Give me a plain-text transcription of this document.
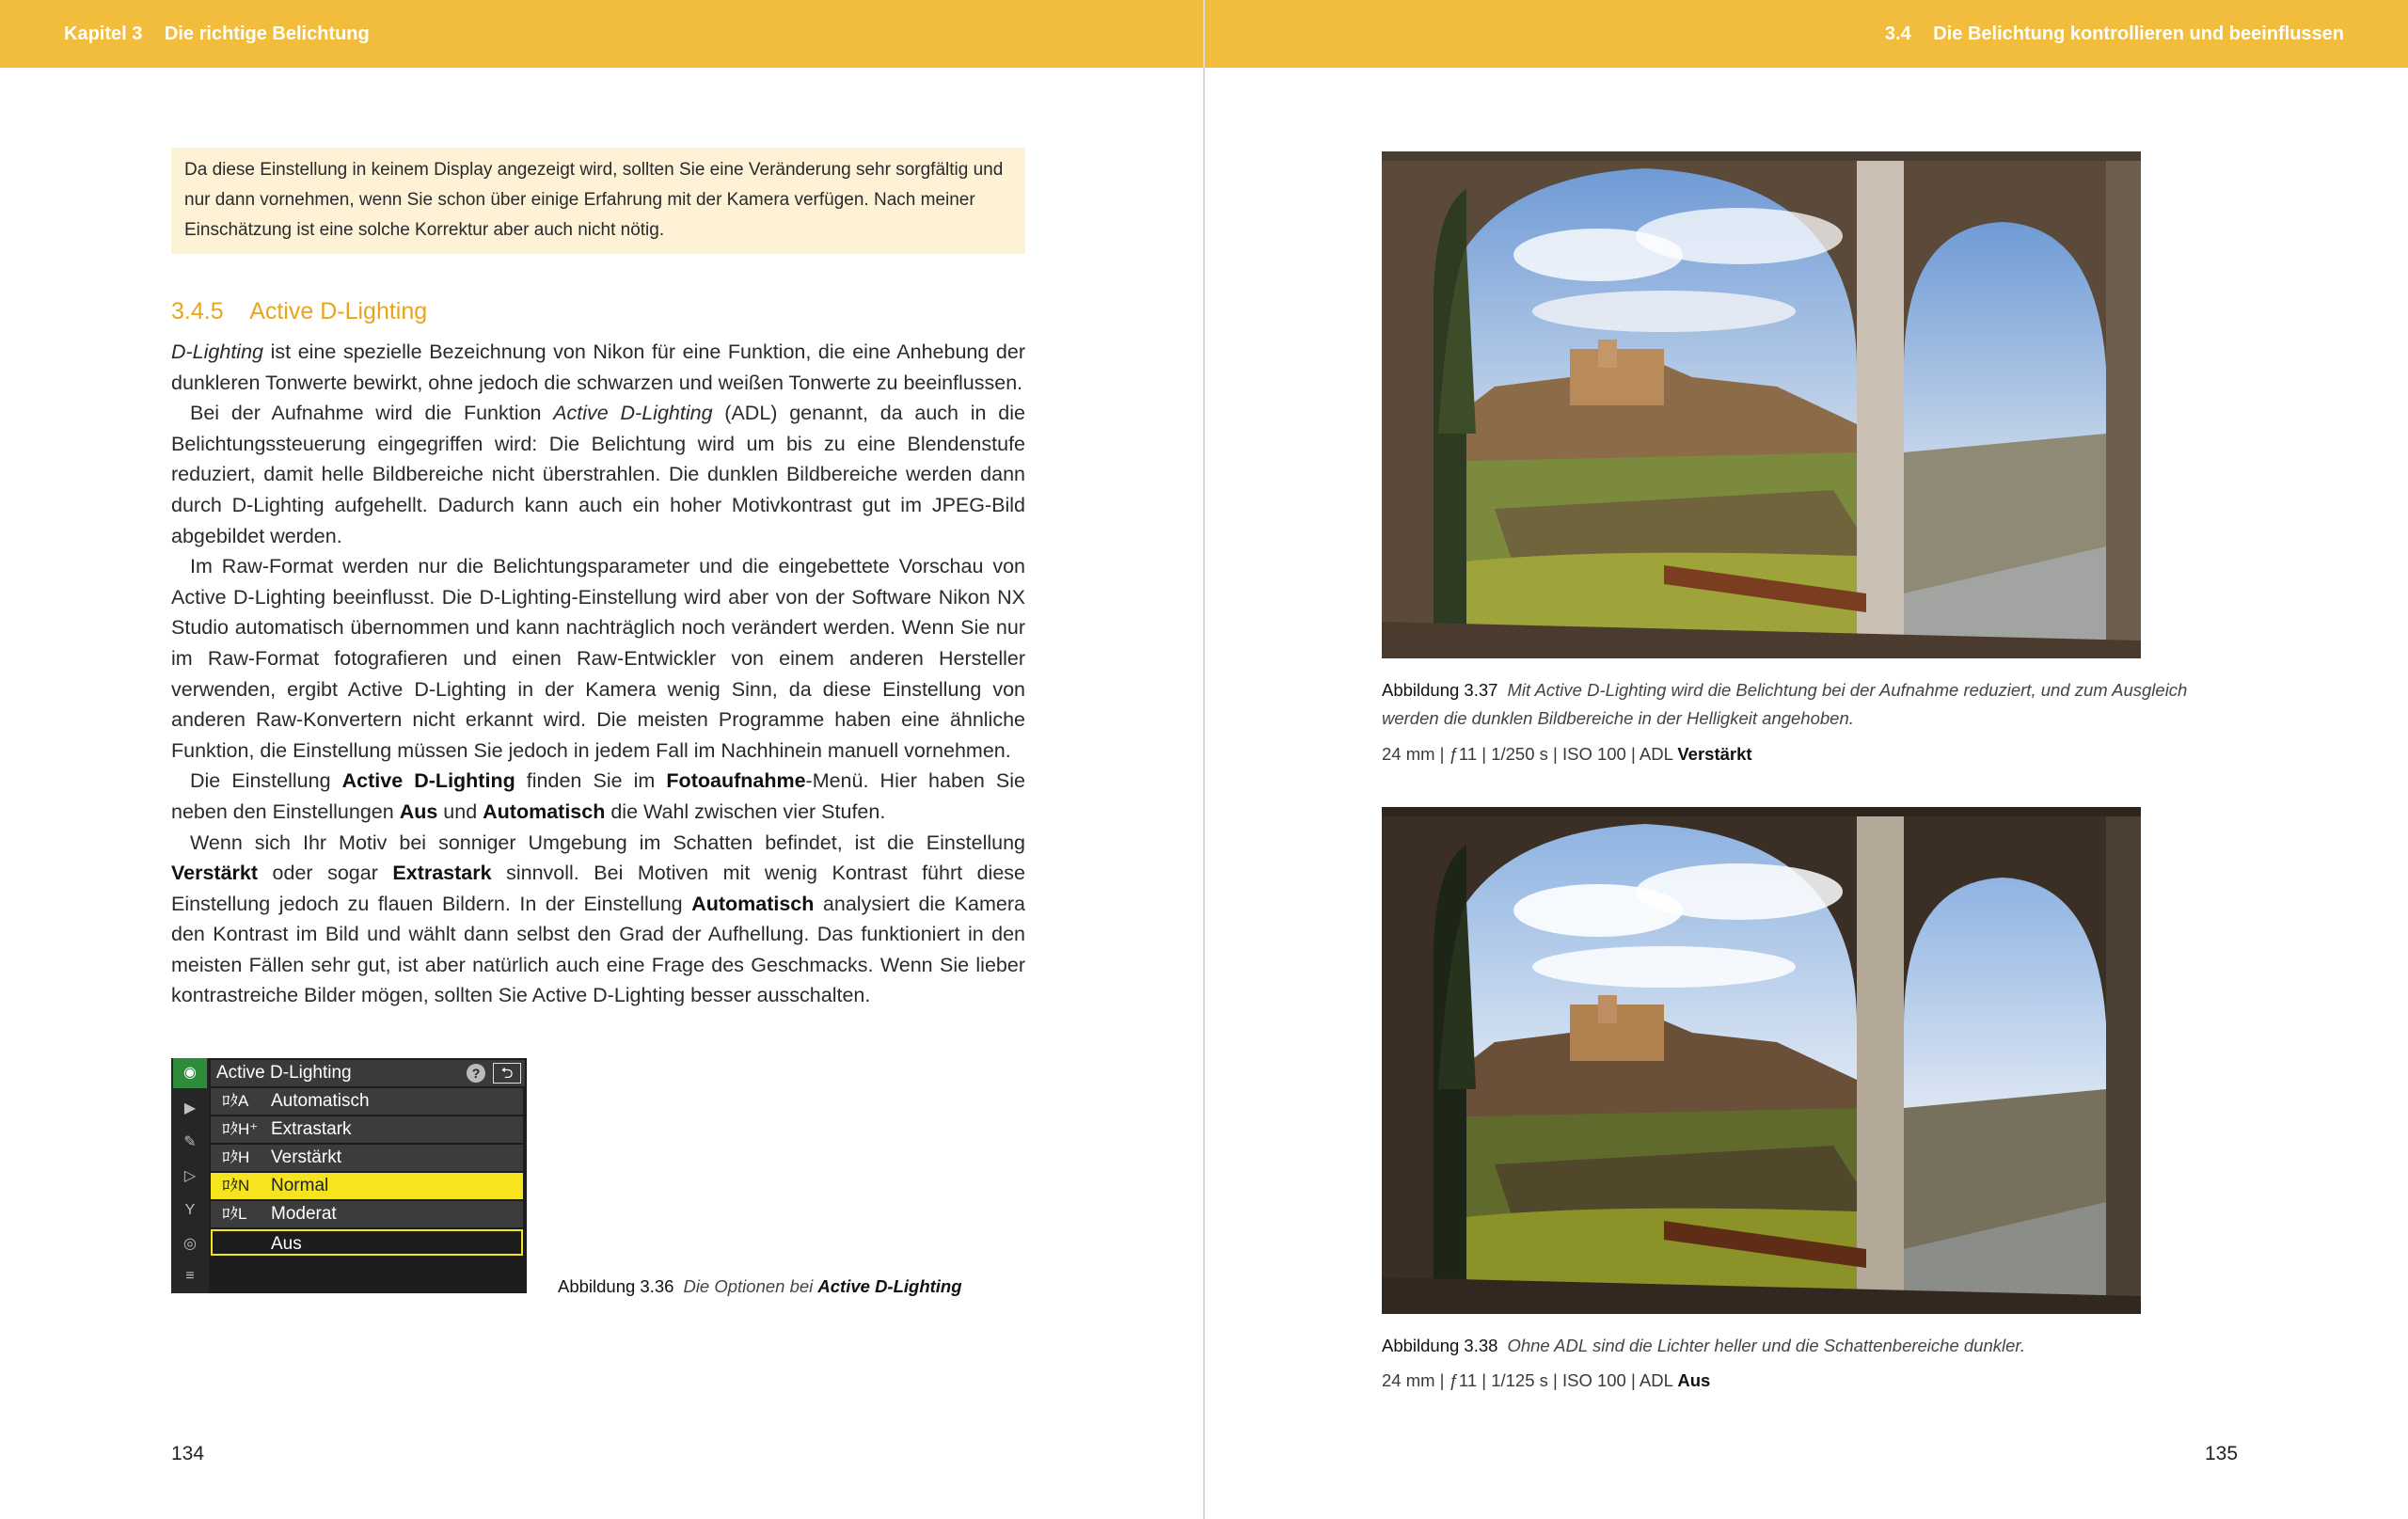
Kapitel 3 Die richtige Belichtung
Da diese Einstellung in keinem Display angezeigt wird, sollten Sie eine Veränderung sehr sorgfältig und nur dann vornehmen, wenn Sie schon über einige Erfahrung mit der Kamera verfügen. Nach meiner Einschätzung ist eine solche Korrektur aber auch nicht nötig.
3.4.5 Active D-Lighting

D-Lighting ist eine spezielle Bezeichnung von Nikon für eine Funktion, die eine Anhebung der dunkleren Tonwerte bewirkt, ohne jedoch die schwarzen und weißen Tonwerte zu beeinflussen.

Bei der Aufnahme wird die Funktion Active D-Lighting (ADL) genannt, da auch in die Belichtungssteuerung eingegriffen wird: Die Belichtung wird um bis zu eine Blendenstufe reduziert, damit helle Bildbereiche nicht überstrahlen. Die dunklen Bildbereiche werden dann durch D-Lighting aufgehellt. Dadurch kann auch ein hoher Motivkontrast gut im JPEG-Bild abgebildet werden.

Im Raw-Format werden nur die Belichtungsparameter und die eingebettete Vorschau von Active D-Lighting beeinflusst. Die D-Lighting-Einstellung wird aber von der Software Nikon NX Studio automatisch übernommen und kann nachträglich noch verändert werden. Wenn Sie nur im Raw-Format fotografieren und einen Raw-Entwickler von einem anderen Hersteller verwenden, ergibt Active D-Lighting in der Kamera wenig Sinn, da diese Einstellung von anderen Raw-Konvertern nicht erkannt wird. Die meisten Programme haben eine ähnliche Funktion, die Einstellung müssen Sie jedoch in jedem Fall im Nachhinein manuell vornehmen.

Die Einstellung Active D-Lighting finden Sie im Fotoaufnahme-Menü. Hier haben Sie neben den Einstellungen Aus und Automatisch die Wahl zwischen vier Stufen.

Wenn sich Ihr Motiv bei sonniger Umgebung im Schatten befindet, ist die Einstellung Verstärkt oder sogar Extrastark sinnvoll. Bei Motiven mit wenig Kontrast führt diese Einstellung jedoch zu flauen Bildern. In der Einstellung Automatisch analysiert die Kamera den Kontrast im Bild und wählt dann selbst den Grad der Aufhellung. Das funktioniert in den meisten Fällen sehr gut, ist aber natürlich auch eine Frage des Geschmacks. Wenn Sie lieber kontrastreiche Bilder mögen, sollten Sie Active D-Lighting besser ausschalten.

◉
▶
✎
▷
Y
◎
≡
Active D-Lighting	?	⮌
ﾛﾀA	Automatisch
ﾛﾀH⁺ Extrastark
ﾛﾀH	Verstärkt
ﾛﾀN	Normal
ﾛﾀL	Moderat
Aus
Abbildung 3.36 Die Optionen bei Active D-Lighting
134
3.4 Die Belichtung kontrollieren und beeinflussen
Abbildung 3.37 Mit Active D-Lighting wird die Belichtung bei der Aufnahme reduziert, und zum Ausgleich
werden die dunklen Bildbereiche in der Helligkeit angehoben.
24 mm | ƒ11 | 1/250 s | ISO 100 | ADL Verstärkt
Abbildung 3.38 Ohne ADL sind die Lichter heller und die Schattenbereiche dunkler.
24 mm | ƒ11 | 1/125 s | ISO 100 | ADL Aus
135
